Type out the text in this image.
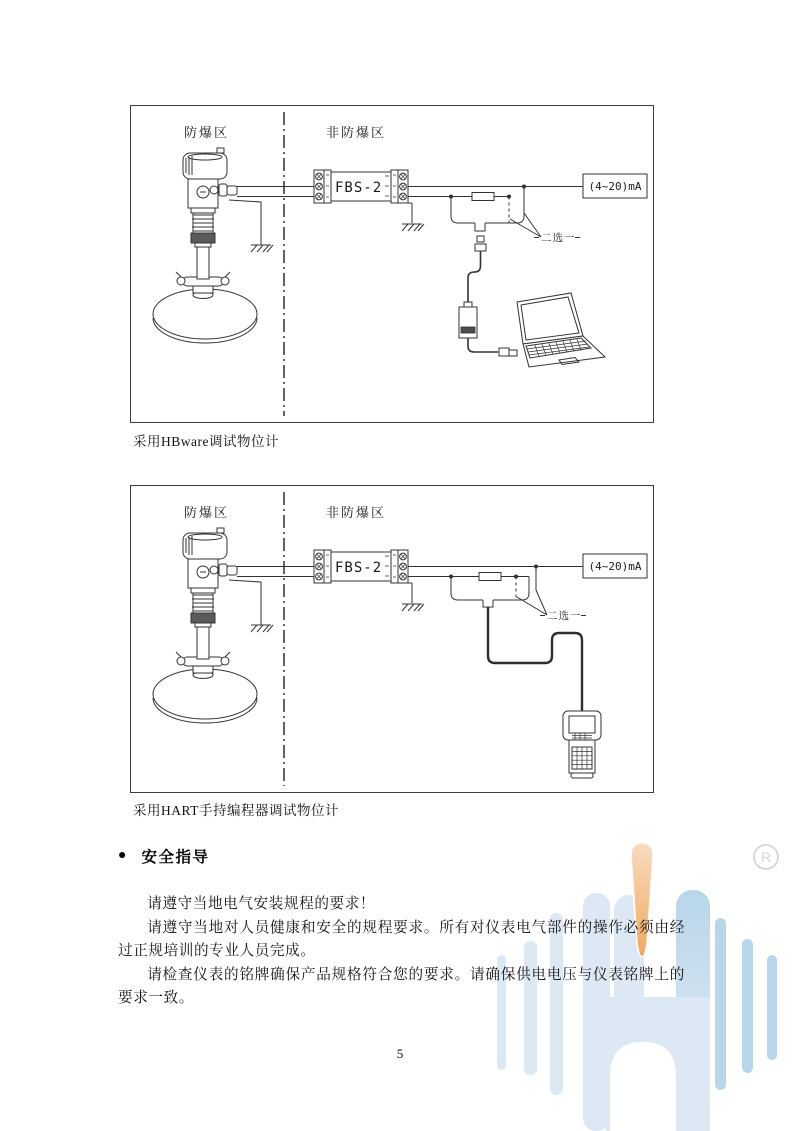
R
防爆区	非防爆区
FBS-2
二选一
(4~20)mA
采用HBware调试物位计
防爆区	非防爆区
FBS-2
二选一
(4~20)mA
采用HART手持编程器调试物位计
● 安全指导

请遵守当地电气安装规程的要求！

请遵守当地对人员健康和安全的规程要求。所有对仪表电气部件的操作必须由经过正规培训的专业人员完成。

请检查仪表的铭牌确保产品规格符合您的要求。请确保供电电压与仪表铭牌上的要求一致。

5
